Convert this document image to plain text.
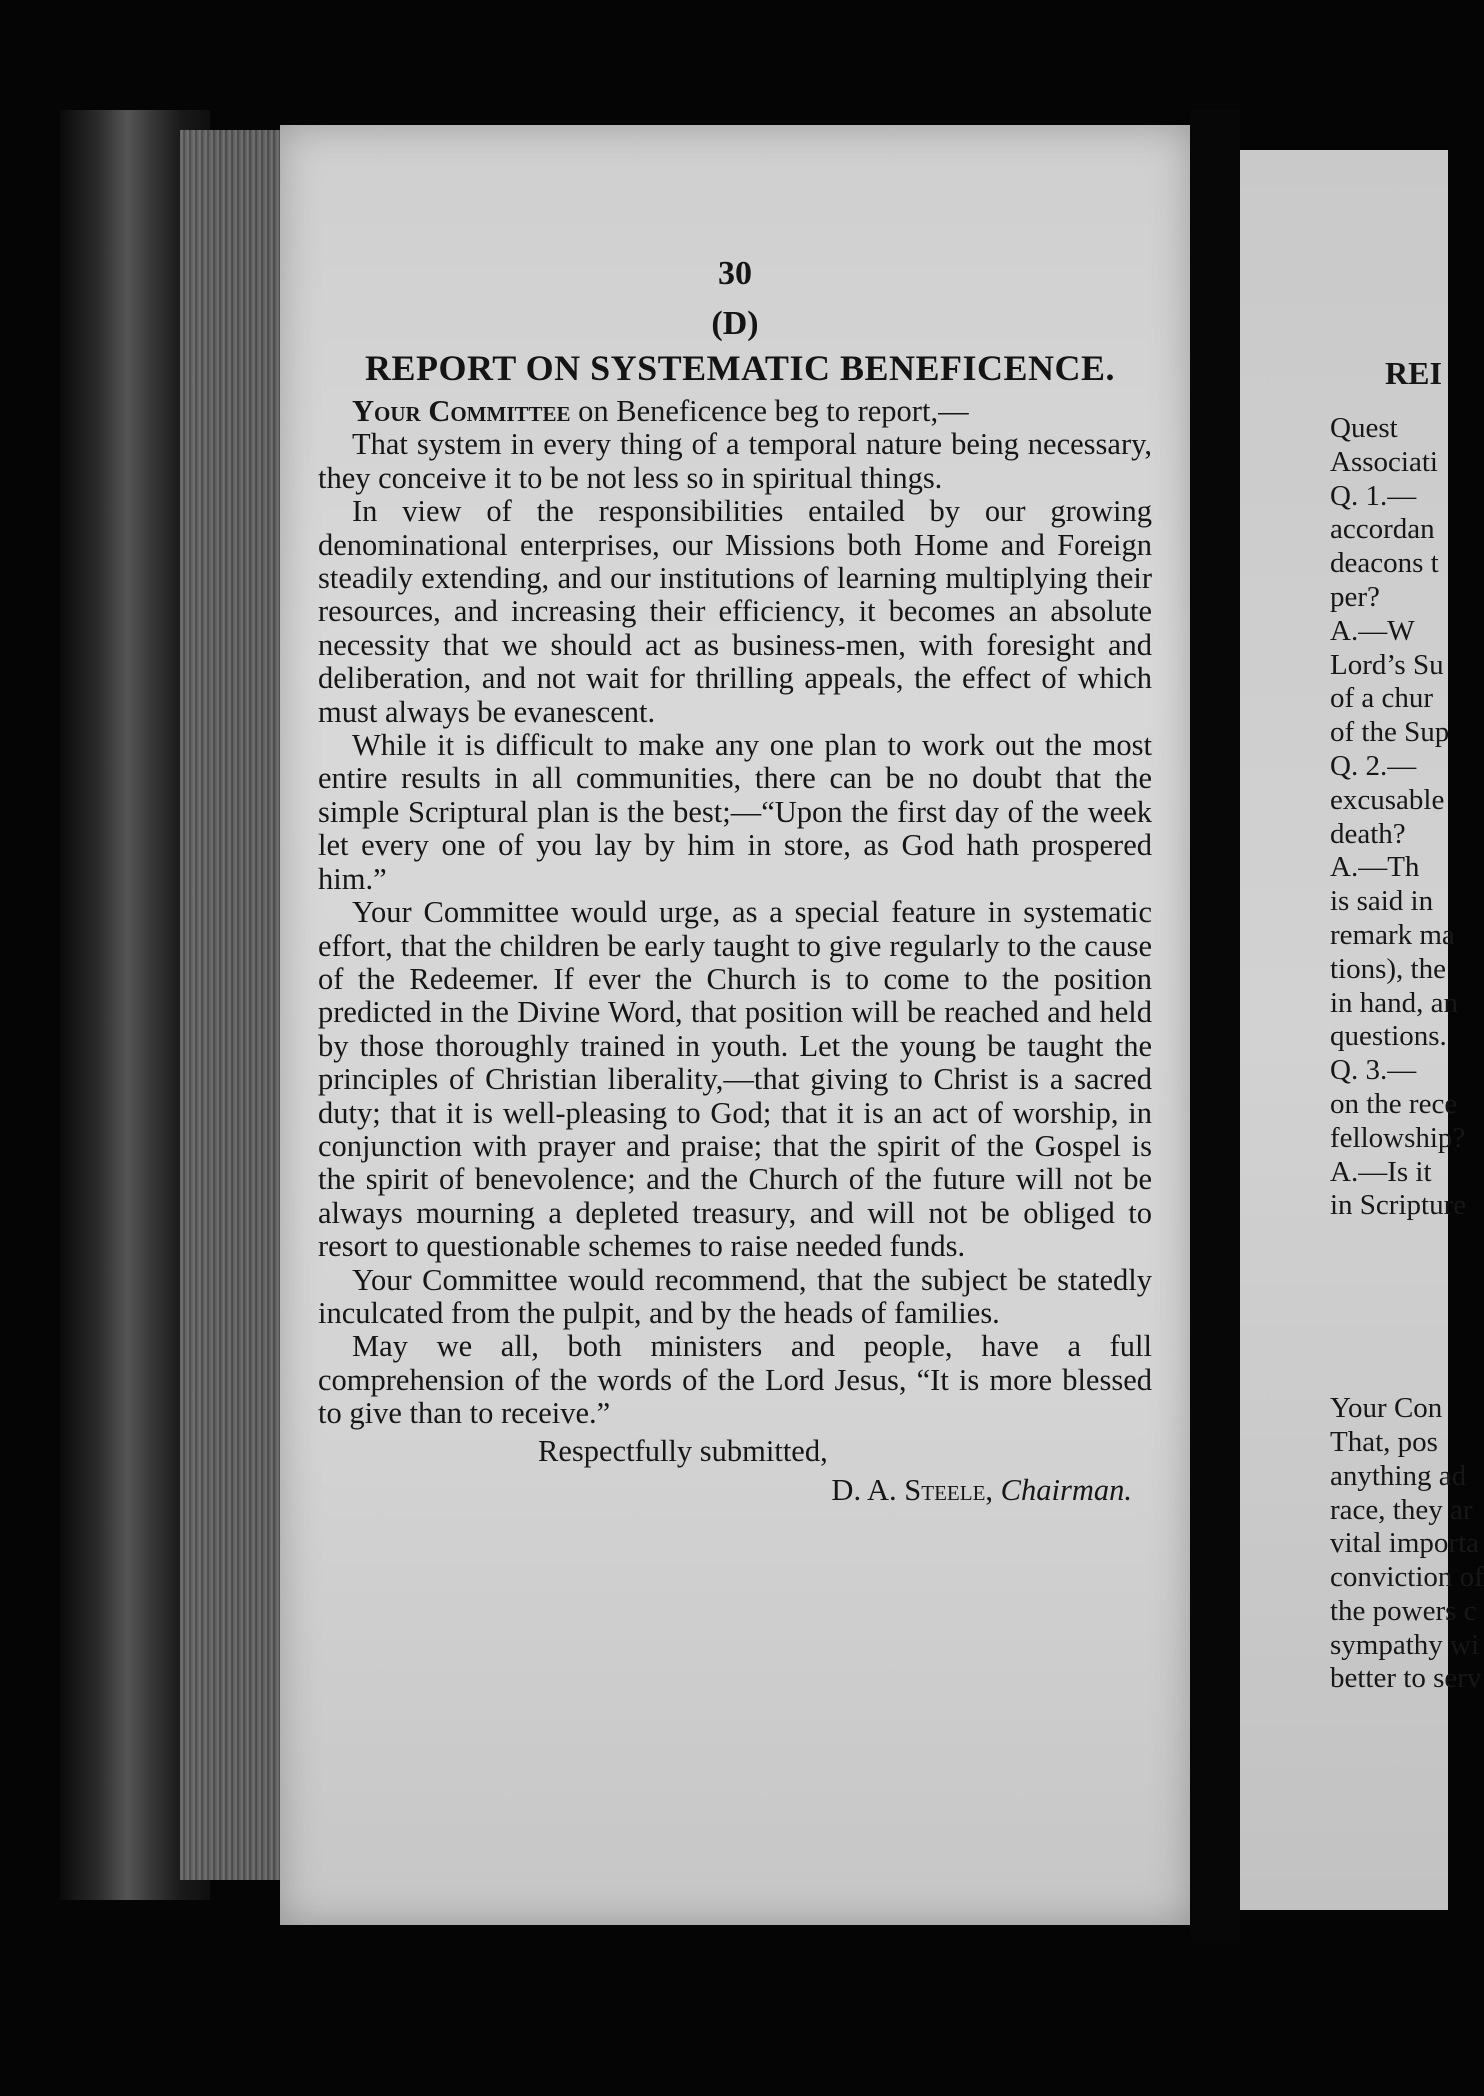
30
(D)
REPORT ON SYSTEMATIC BENEFICENCE.

Your Committee on Beneficence beg to report,—

That system in every thing of a temporal nature being necessary, they conceive it to be not less so in spiritual things.

In view of the responsibilities entailed by our growing denominational enterprises, our Missions both Home and Foreign steadily extending, and our institutions of learning multiplying their resources, and increasing their efficiency, it becomes an absolute necessity that we should act as business-men, with foresight and deliberation, and not wait for thrilling appeals, the effect of which must always be evanescent.

While it is difficult to make any one plan to work out the most entire results in all communities, there can be no doubt that the simple Scriptural plan is the best;—“Upon the first day of the week let every one of you lay by him in store, as God hath prospered him.”

Your Committee would urge, as a special feature in systematic effort, that the children be early taught to give regularly to the cause of the Redeemer. If ever the Church is to come to the position predicted in the Divine Word, that position will be reached and held by those thoroughly trained in youth. Let the young be taught the principles of Christian liberality,—that giving to Christ is a sacred duty; that it is well-pleasing to God; that it is an act of worship, in conjunction with prayer and praise; that the spirit of the Gospel is the spirit of benevolence; and the Church of the future will not be always mourning a depleted treasury, and will not be obliged to resort to questionable schemes to raise needed funds.

Your Committee would recommend, that the subject be statedly inculcated from the pulpit, and by the heads of families.

May we all, both ministers and people, have a full comprehension of the words of the Lord Jesus, “It is more blessed to give than to receive.”

Respectfully submitted,

D. A. Steele, Chairman.

REI
Quest
Associati
Q. 1.—
accordan
deacons t
per?
A.—W
Lord’s Su
of a chur
of the Sup
Q. 2.—
excusable
death?
A.—Th
is said in
remark ma
tions), the
in hand, an
questions.
Q. 3.—
on the rece
fellowship?
A.—Is it
in Scripture
Your Con
That, pos
anything ad
race, they ar
vital importa
conviction of
the powers c
sympathy wi
better to serv
